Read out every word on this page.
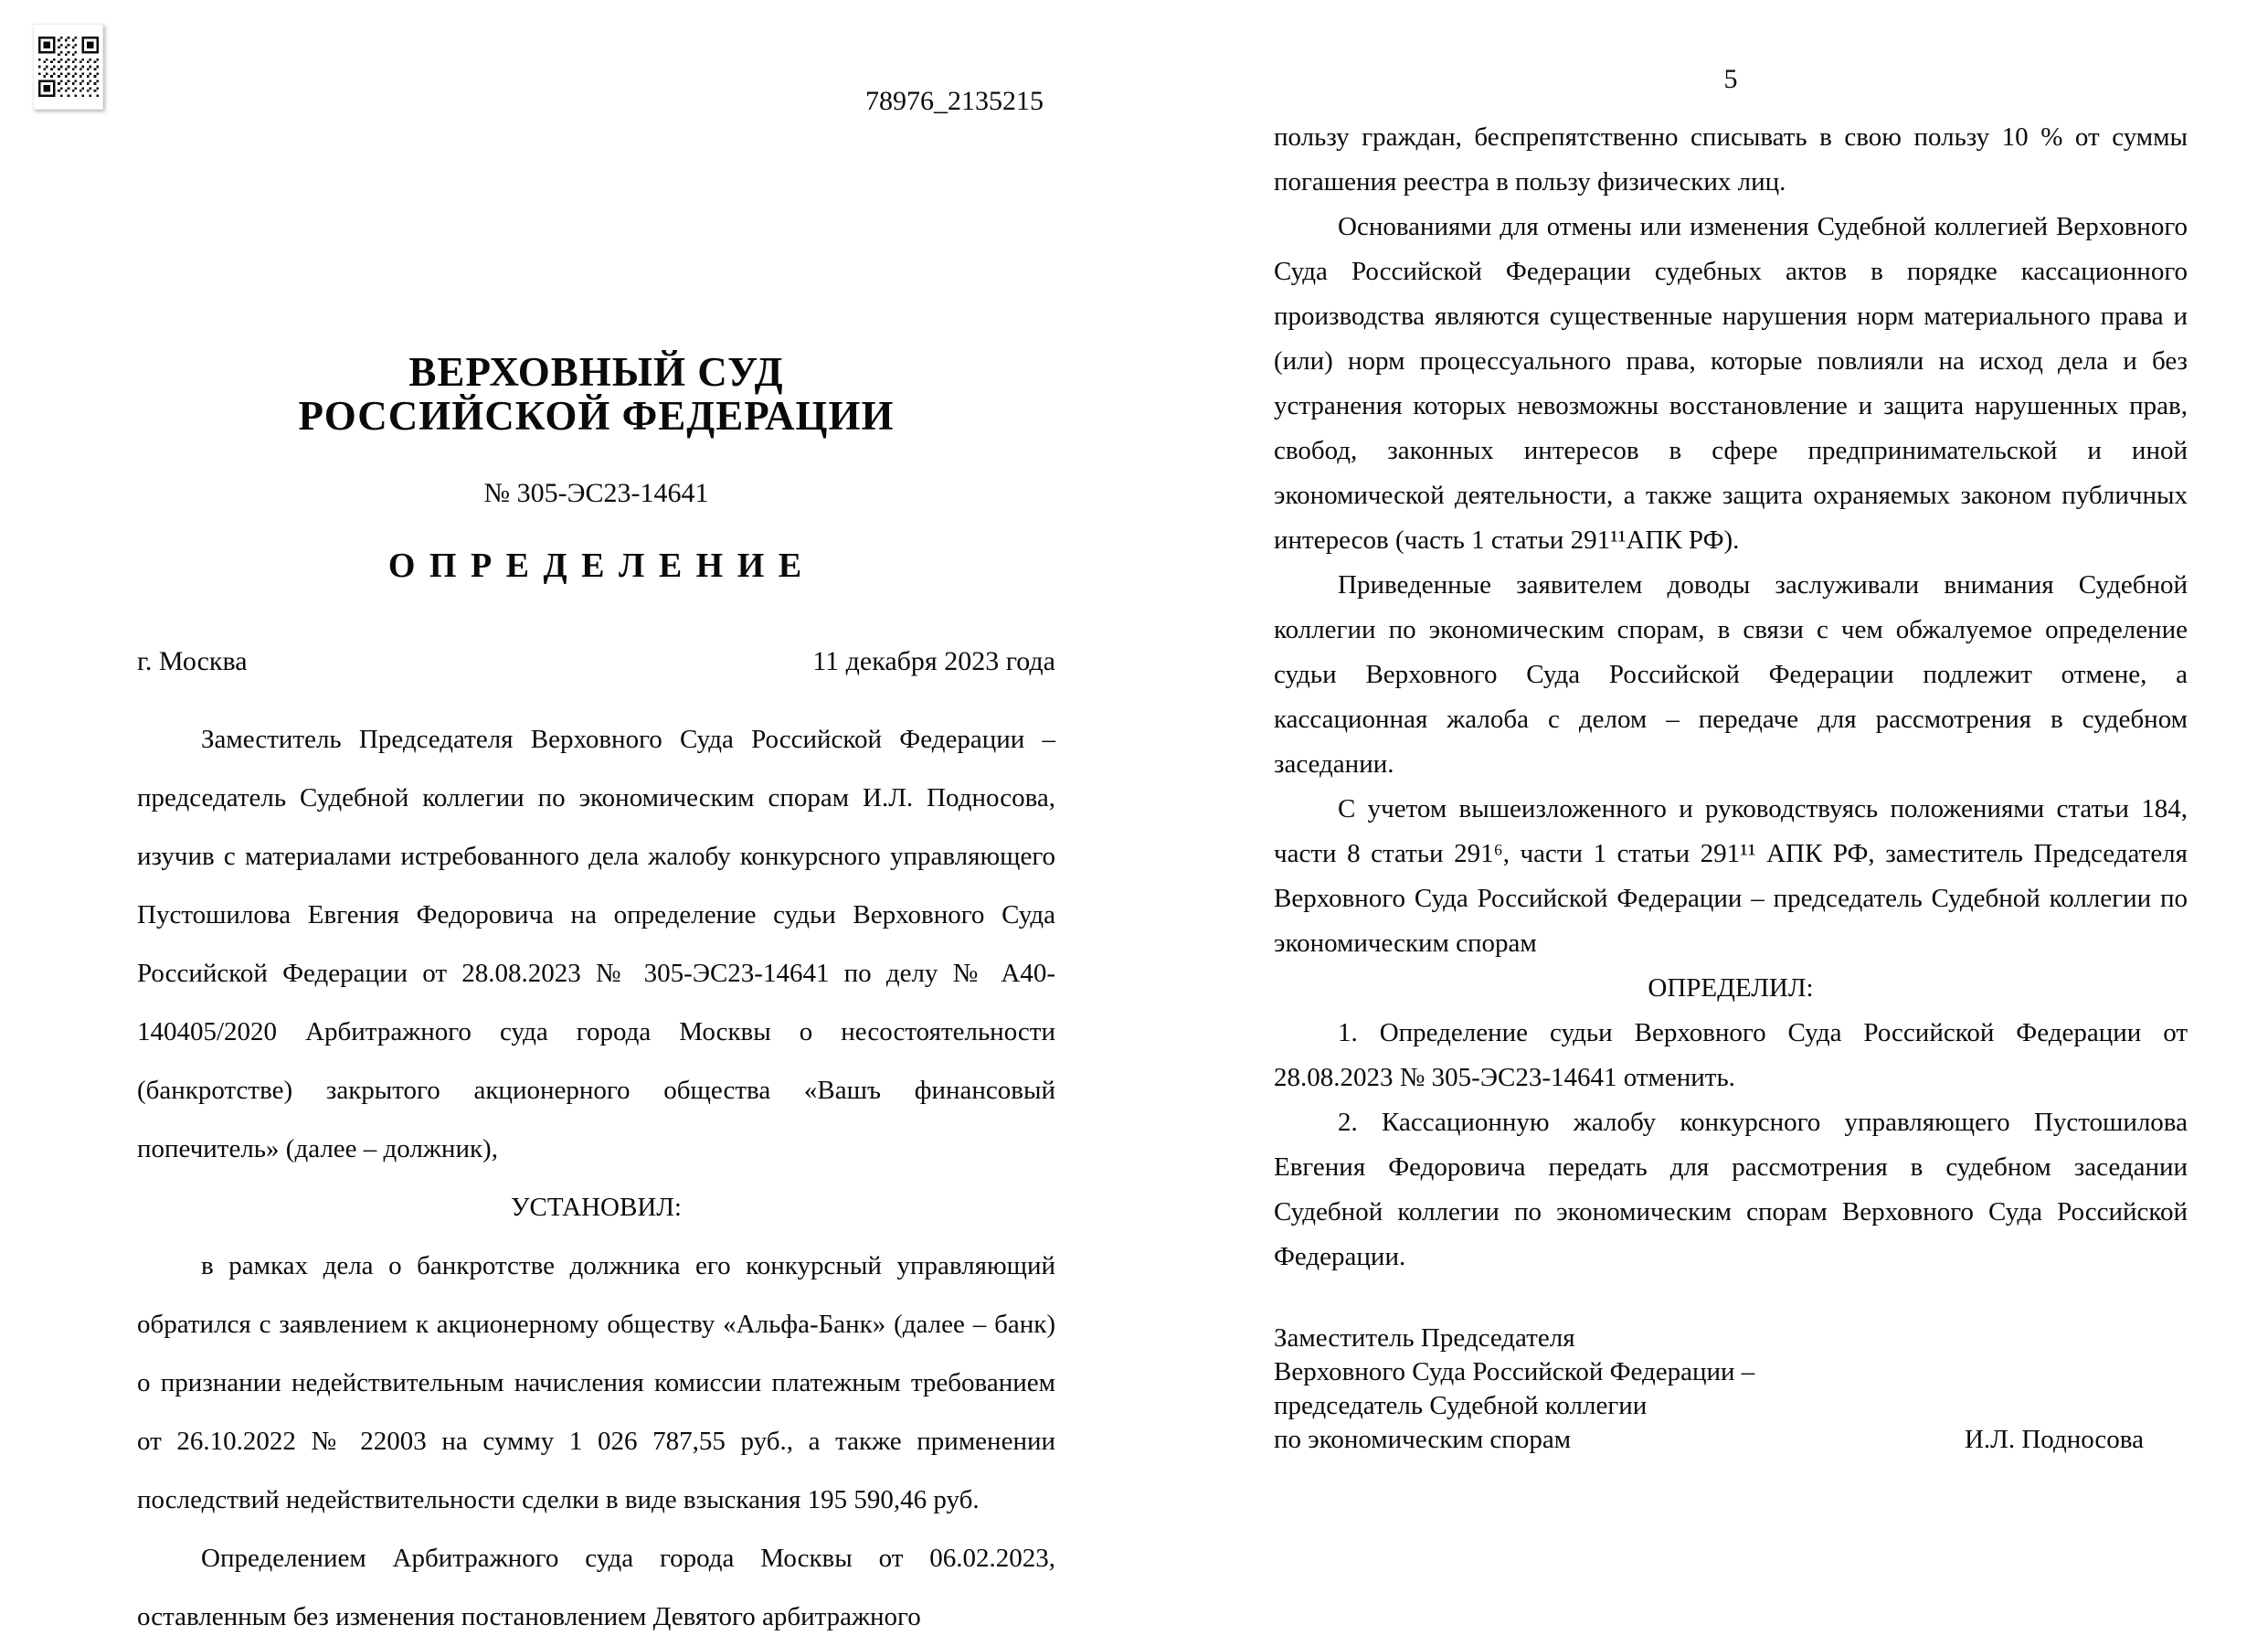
78976_2135215
ВЕРХОВНЫЙ СУД
РОССИЙСКОЙ ФЕДЕРАЦИИ
№ 305-ЭС23-14641
О П Р Е Д Е Л Е Н И Е
г. Москва	11 декабря 2023 года

Заместитель Председателя Верховного Суда Российской Федерации – председатель Судебной коллегии по экономическим спорам И.Л. Подносова, изучив с материалами истребованного дела жалобу конкурсного управляющего Пустошилова Евгения Федоровича на определение судьи Верховного Суда Российской Федерации от 28.08.2023 № 305-ЭС23-14641 по делу № А40-140405/2020 Арбитражного суда города Москвы о несостоятельности (банкротстве) закрытого акционерного общества «Вашъ финансовый попечитель» (далее – должник),

УСТАНОВИЛ:

в рамках дела о банкротстве должника его конкурсный управляющий обратился с заявлением к акционерному обществу «Альфа-Банк» (далее – банк) о признании недействительным начисления комиссии платежным требованием от 26.10.2022 № 22003 на сумму 1 026 787,55 руб., а также применении последствий недействительности сделки в виде взыскания 195 590,46 руб.

Определением Арбитражного суда города Москвы от 06.02.2023, оставленным без изменения постановлением Девятого арбитражного

5

пользу граждан, беспрепятственно списывать в свою пользу 10 % от суммы погашения реестра в пользу физических лиц.

Основаниями для отмены или изменения Судебной коллегией Верховного Суда Российской Федерации судебных актов в порядке кассационного производства являются существенные нарушения норм материального права и (или) норм процессуального права, которые повлияли на исход дела и без устранения которых невозможны восстановление и защита нарушенных прав, свобод, законных интересов в сфере предпринимательской и иной экономической деятельности, а также защита охраняемых законом публичных интересов (часть 1 статьи 291¹¹АПК РФ).

Приведенные заявителем доводы заслуживали внимания Судебной коллегии по экономическим спорам, в связи с чем обжалуемое определение судьи Верховного Суда Российской Федерации подлежит отмене, а кассационная жалоба с делом – передаче для рассмотрения в судебном заседании.

С учетом вышеизложенного и руководствуясь положениями статьи 184, части 8 статьи 291⁶, части 1 статьи 291¹¹ АПК РФ, заместитель Председателя Верховного Суда Российской Федерации – председатель Судебной коллегии по экономическим спорам

ОПРЕДЕЛИЛ:

1. Определение судьи Верховного Суда Российской Федерации от 28.08.2023 № 305-ЭС23-14641 отменить.

2. Кассационную жалобу конкурсного управляющего Пустошилова Евгения Федоровича передать для рассмотрения в судебном заседании Судебной коллегии по экономическим спорам Верховного Суда Российской Федерации.

Заместитель Председателя
Верховного Суда Российской Федерации –
председатель Судебной коллегии
по экономическим спорам	И.Л. Подносова
